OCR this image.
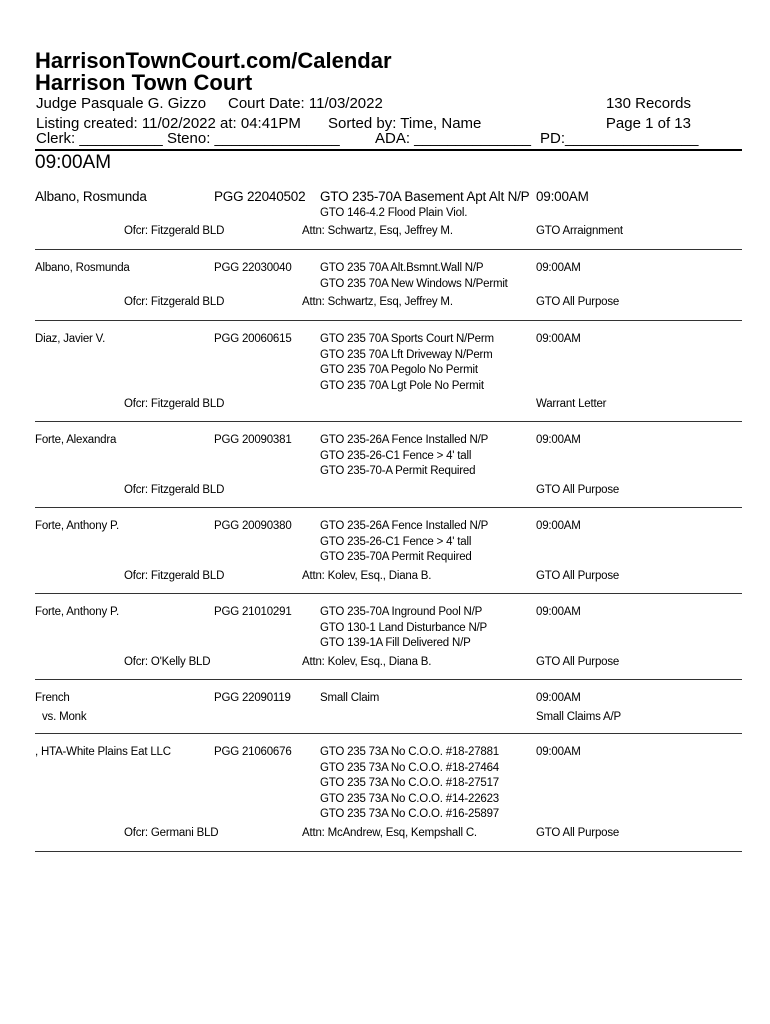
HarrisonTownCourt.com/Calendar
Harrison Town Court
Judge Pasquale G. Gizzo Court Date: 11/03/2022	130 Records
Listing created: 11/02/2022 at: 04:41PM Sorted by: Time, Name	Page 1 of 13
Clerk: __________ Steno: _______________ ADA: ______________ PD:________________
09:00AM
Albano, Rosmunda	PGG 22040502 GTO 235-70A Basement Apt Alt N/P
GTO 146-4.2 Flood Plain Viol.
09:00AM
Ofcr: Fitzgerald BLD	Attn: Schwartz, Esq, Jeffrey M.	GTO Arraignment
Albano, Rosmunda	PGG 22030040 GTO 235 70A Alt.Bsmnt.Wall N/P
GTO 235 70A New Windows N/Permit
09:00AM
Ofcr: Fitzgerald BLD	Attn: Schwartz, Esq, Jeffrey M.	GTO All Purpose
Diaz, Javier V.	PGG 20060615 GTO 235 70A Sports Court N/Perm
GTO 235 70A Lft Driveway N/Perm
GTO 235 70A Pegolo No Permit
GTO 235 70A Lgt Pole No Permit
09:00AM
Ofcr: Fitzgerald BLD	Warrant Letter
Forte, Alexandra	PGG 20090381 GTO 235-26A Fence Installed N/P
GTO 235-26-C1 Fence > 4' tall
GTO 235-70-A Permit Required
09:00AM
Ofcr: Fitzgerald BLD	GTO All Purpose
Forte, Anthony P.	PGG 20090380 GTO 235-26A Fence Installed N/P
GTO 235-26-C1 Fence > 4' tall
GTO 235-70A Permit Required
09:00AM
Ofcr: Fitzgerald BLD	Attn: Kolev, Esq., Diana B.	GTO All Purpose
Forte, Anthony P.	PGG 21010291 GTO 235-70A Inground Pool N/P
GTO 130-1 Land Disturbance N/P
GTO 139-1A Fill Delivered N/P
09:00AM
Ofcr: O'Kelly BLD	Attn: Kolev, Esq., Diana B.	GTO All Purpose
French
vs. Monk
PGG 22090119	Small Claim	09:00AM
Small Claims A/P
, HTA-White Plains Eat LLC	PGG 21060676 GTO 235 73A No C.O.O. #18-27881
GTO 235 73A No C.O.O. #18-27464
GTO 235 73A No C.O.O. #18-27517
GTO 235 73A No C.O.O. #14-22623
GTO 235 73A No C.O.O. #16-25897
09:00AM
Ofcr: Germani BLD	Attn: McAndrew, Esq, Kempshall C.	GTO All Purpose
